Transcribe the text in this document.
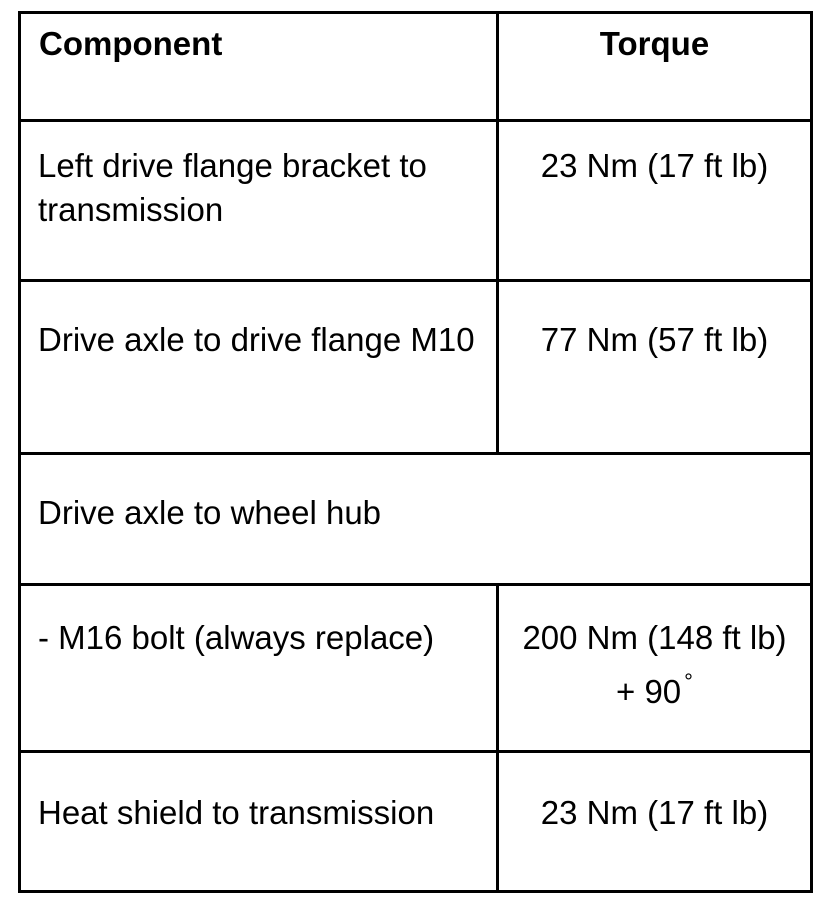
Component	Torque
Left drive flange bracket to transmission	23 Nm (17 ft lb)
Drive axle to drive flange M10	77 Nm (57 ft lb)
Drive axle to wheel hub	
- M16 bolt (always replace)	200 Nm (148 ft lb) + 90 °
Heat shield to transmission	23 Nm (17 ft lb)
